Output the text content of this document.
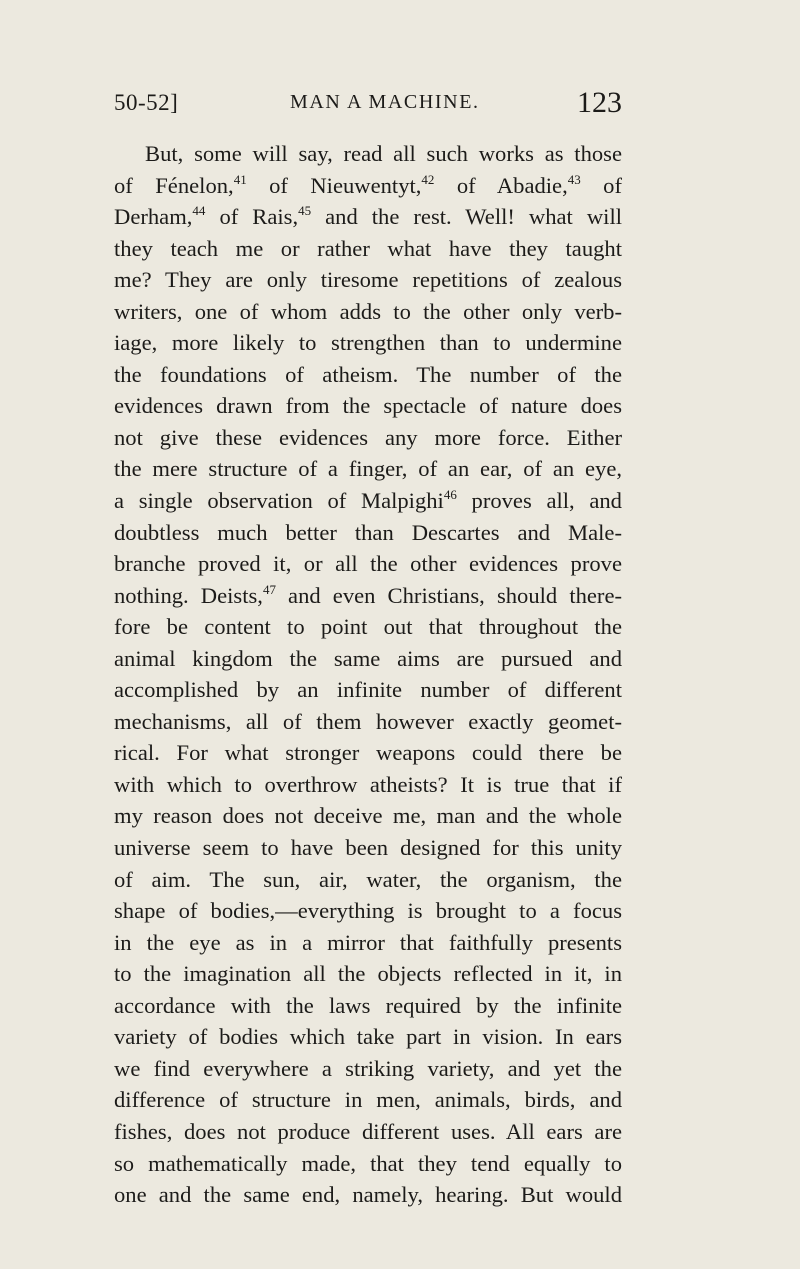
50-52]	MAN A MACHINE.	123
But, some will say, read all such works as those
of Fénelon,$^{41}$ of Nieuwentyt,$^{42}$ of Abadie,$^{43}$ of
Derham,$^{44}$ of Rais,$^{45}$ and the rest. Well! what will
they teach me or rather what have they taught
me? They are only tiresome repetitions of zealous
writers, one of whom adds to the other only verb-
iage, more likely to strengthen than to undermine
the foundations of atheism. The number of the
evidences drawn from the spectacle of nature does
not give these evidences any more force. Either
the mere structure of a finger, of an ear, of an eye,
a single observation of Malpighi$^{46}$ proves all, and
doubtless much better than Descartes and Male-
branche proved it, or all the other evidences prove
nothing. Deists,$^{47}$ and even Christians, should there-
fore be content to point out that throughout the
animal kingdom the same aims are pursued and
accomplished by an infinite number of different
mechanisms, all of them however exactly geomet-
rical. For what stronger weapons could there be
with which to overthrow atheists? It is true that if
my reason does not deceive me, man and the whole
universe seem to have been designed for this unity
of aim. The sun, air, water, the organism, the
shape of bodies,—everything is brought to a focus
in the eye as in a mirror that faithfully presents
to the imagination all the objects reflected in it, in
accordance with the laws required by the infinite
variety of bodies which take part in vision. In ears
we find everywhere a striking variety, and yet the
difference of structure in men, animals, birds, and
fishes, does not produce different uses. All ears are
so mathematically made, that they tend equally to
one and the same end, namely, hearing. But would
